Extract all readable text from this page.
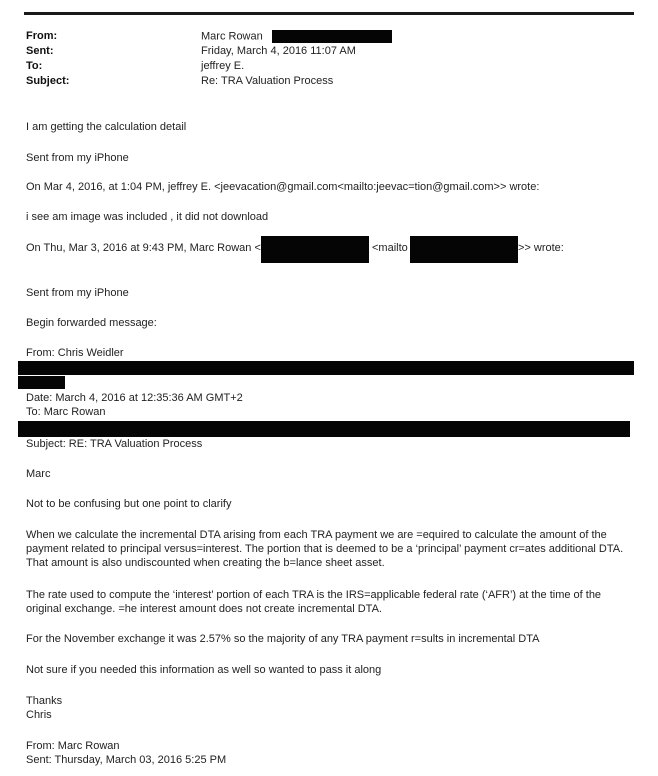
From:	Marc Rowan
Sent:	Friday, March 4, 2016 11:07 AM
To:	jeffrey E.
Subject:	Re: TRA Valuation Process
I am getting the calculation detail
Sent from my iPhone
On Mar 4, 2016, at 1:04 PM, jeffrey E. <jeevacation@gmail.com<mailto:jeevac=tion@gmail.com>> wrote:
i see am image was included , it did not download
On Thu, Mar 3, 2016 at 9:43 PM, Marc Rowan <	<mailto	>> wrote:
Sent from my iPhone
Begin forwarded message:
From: Chris Weidler
Date: March 4, 2016 at 12:35:36 AM GMT+2
To: Marc Rowan
Subject: RE: TRA Valuation Process
Marc
Not to be confusing but one point to clarify
When we calculate the incremental DTA arising from each TRA payment we are =equired to calculate the amount of the payment related to principal versus=interest. The portion that is deemed to be a ‘principal’ payment cr=ates additional DTA. That amount is also undiscounted when creating the b=lance sheet asset.
The rate used to compute the ‘interest’ portion of each TRA is the IRS=applicable federal rate (‘AFR’) at the time of the original exchange. =he interest amount does not create incremental DTA.
For the November exchange it was 2.57% so the majority of any TRA payment r=sults in incremental DTA
Not sure if you needed this information as well so wanted to pass it along
Thanks
Chris
From: Marc Rowan
Sent: Thursday, March 03, 2016 5:25 PM
